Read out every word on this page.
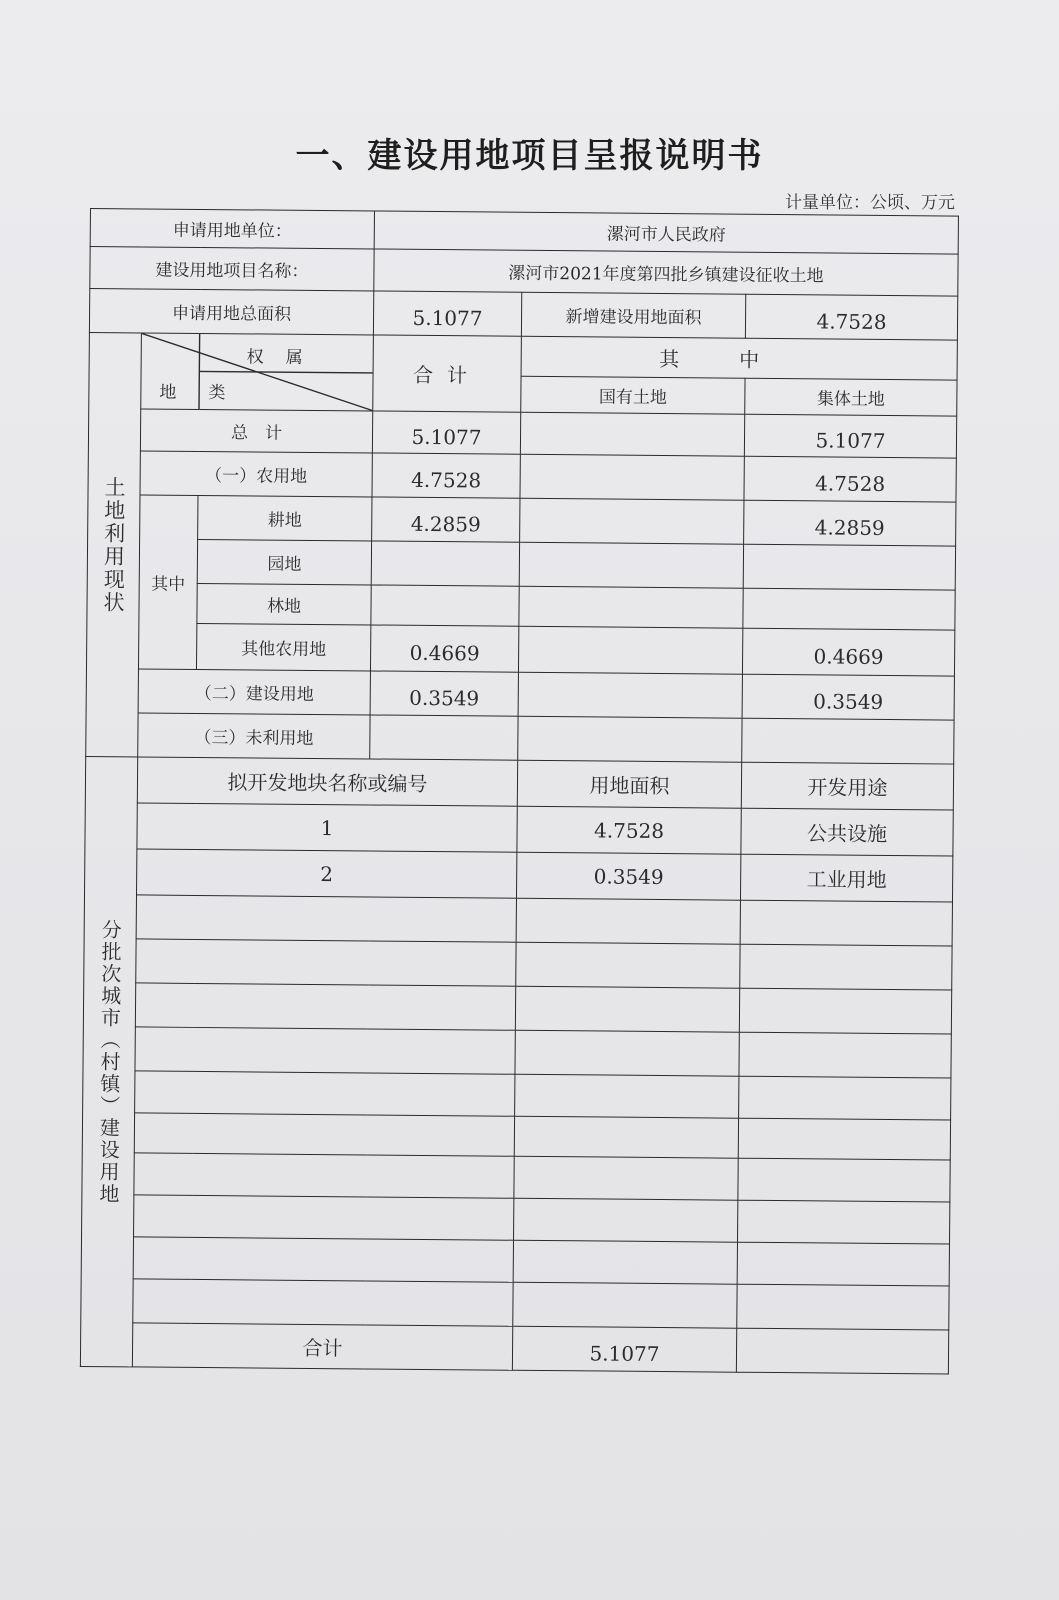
一、建设用地项目呈报说明书
计量单位：公顷、万元
申请用地单位：			漯河市人民政府		
建设用地项目名称：			漯河市2021年度第四批乡镇建设征收土地		
申请用地总面积			5.1077	新增建设用地面积	4.7528
土地利用现状	权属
地 类		合计	其中	
				国有土地	集体土地
	总　计		5.1077		5.1077
	（一）农用地		4.7528		4.7528
	其中	耕地	4.2859		4.2859
		园地			
		林地			
		其他农用地	0.4669		0.4669
	（二）建设用地		0.3549		0.3549
	（三）未利用地				
分批次城市（村镇）建设用地	拟开发地块名称或编号			用地面积	开发用途
	1			4.7528	公共设施
	2			0.3549	工业用地

	合计			5.1077	
